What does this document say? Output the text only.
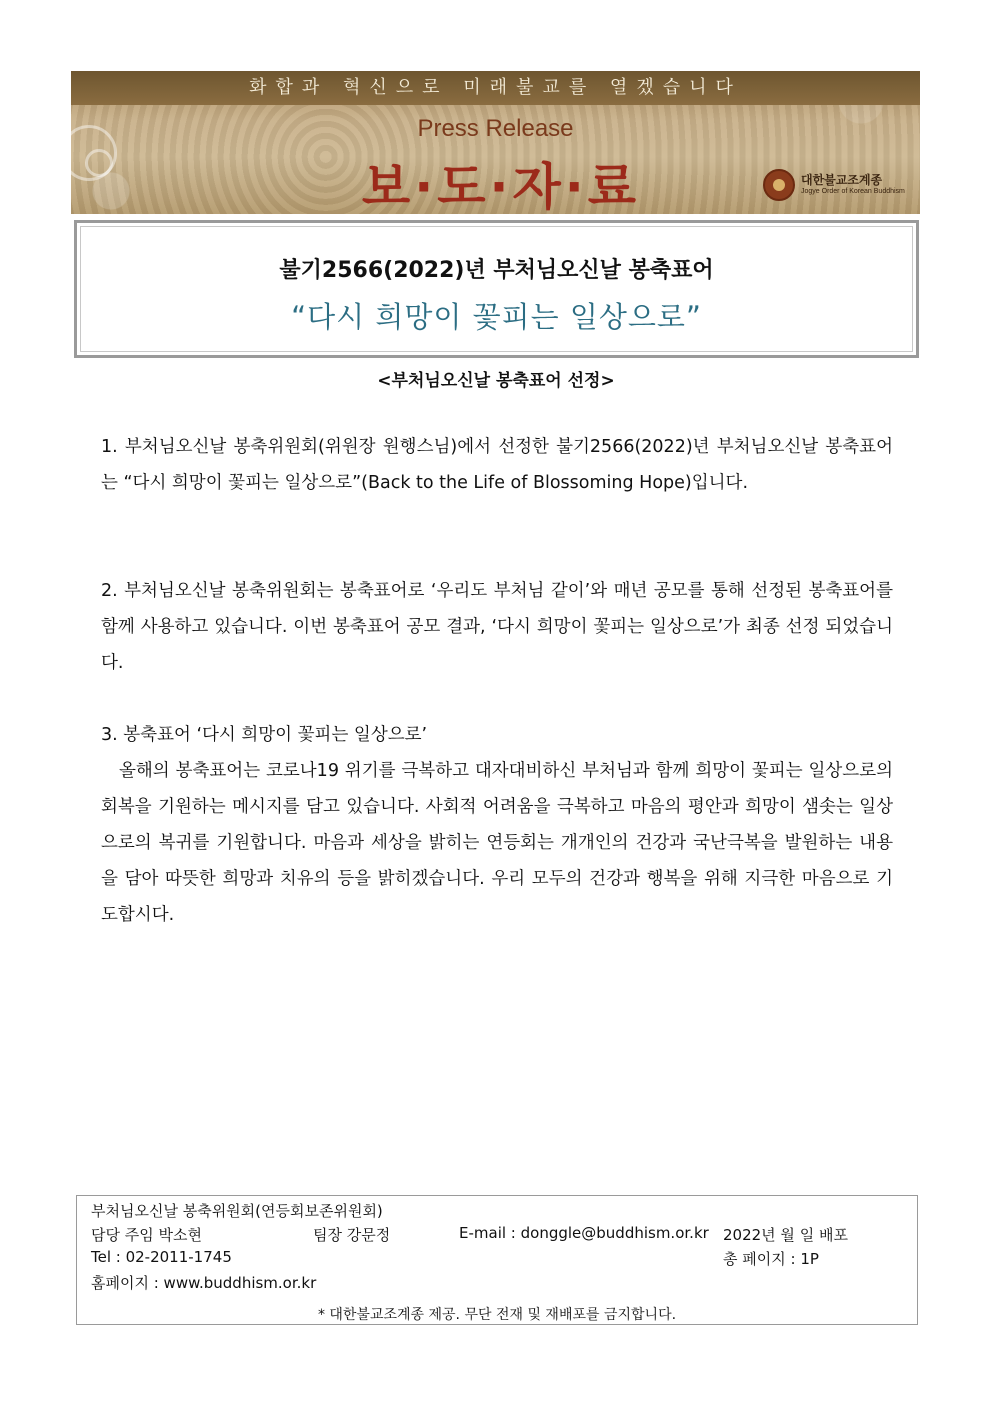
화합과 혁신으로 미래불교를 열겠습니다
Press Release
보·도·자·료	대한불교조계종
Jogye Order of Korean Buddhism
불기2566(2022)년 부처님오신날 봉축표어
“다시 희망이 꽃피는 일상으로”
<부처님오신날 봉축표어 선정>

1. 부처님오신날 봉축위원회(위원장 원행스님)에서 선정한 불기2566(2022)년 부처님오신날 봉축표어는 “다시 희망이 꽃피는 일상으로”(Back to the Life of Blossoming Hope)입니다.

2. 부처님오신날 봉축위원회는 봉축표어로 ‘우리도 부처님 같이’와 매년 공모를 통해 선정된 봉축표어를 함께 사용하고 있습니다. 이번 봉축표어 공모 결과, ‘다시 희망이 꽃피는 일상으로’가 최종 선정 되었습니다.

3. 봉축표어 ‘다시 희망이 꽃피는 일상으로’

올해의 봉축표어는 코로나19 위기를 극복하고 대자대비하신 부처님과 함께 희망이 꽃피는 일상으로의 회복을 기원하는 메시지를 담고 있습니다. 사회적 어려움을 극복하고 마음의 평안과 희망이 샘솟는 일상으로의 복귀를 기원합니다. 마음과 세상을 밝히는 연등회는 개개인의 건강과 국난극복을 발원하는 내용을 담아 따뜻한 희망과 치유의 등을 밝히겠습니다. 우리 모두의 건강과 행복을 위해 지극한 마음으로 기도합시다.

부처님오신날 봉축위원회(연등회보존위원회)
담당 주임 박소현	팀장 강문정	E-mail : donggle@buddhism.or.kr 2022년 월 일 배포
Tel : 02-2011-1745	총 페이지 : 1P
홈페이지 : www.buddhism.or.kr
* 대한불교조계종 제공. 무단 전재 및 재배포를 금지합니다.
